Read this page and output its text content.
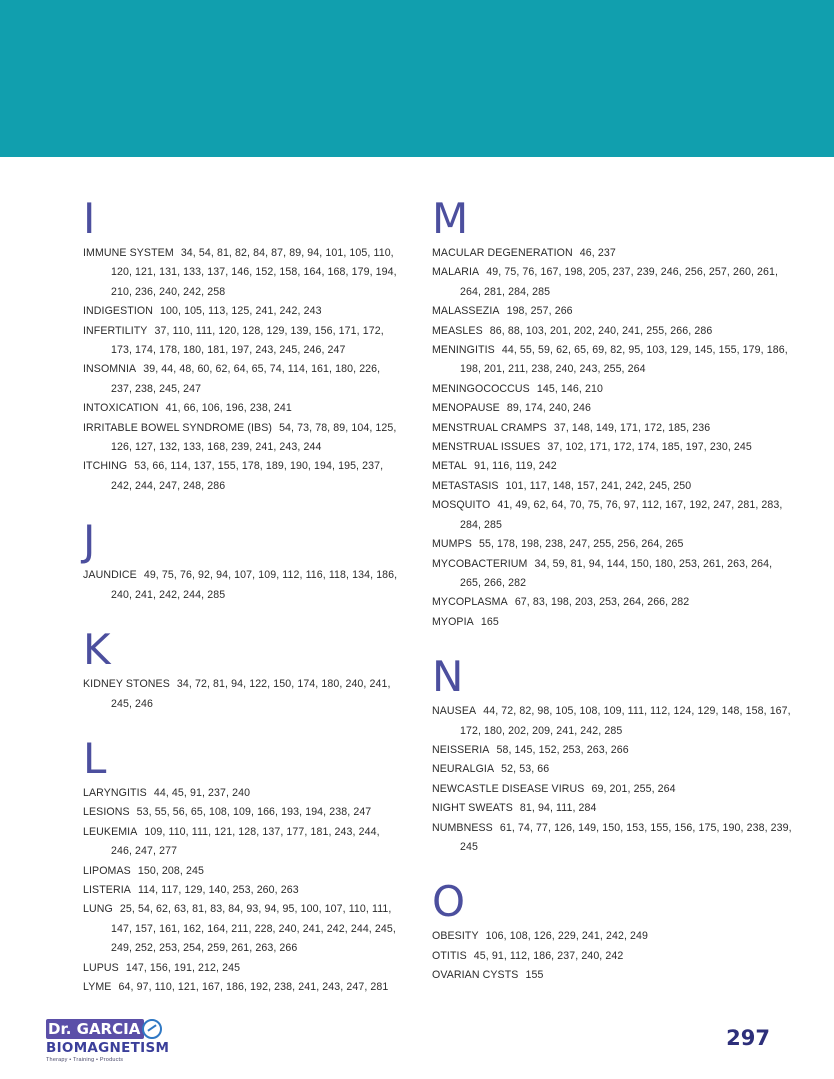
I
IMMUNE SYSTEM 34, 54, 81, 82, 84, 87, 89, 94, 101, 105, 110, 120, 121, 131, 133, 137, 146, 152, 158, 164, 168, 179, 194, 210, 236, 240, 242, 258
INDIGESTION 100, 105, 113, 125, 241, 242, 243
INFERTILITY 37, 110, 111, 120, 128, 129, 139, 156, 171, 172, 173, 174, 178, 180, 181, 197, 243, 245, 246, 247
INSOMNIA 39, 44, 48, 60, 62, 64, 65, 74, 114, 161, 180, 226, 237, 238, 245, 247
INTOXICATION 41, 66, 106, 196, 238, 241
IRRITABLE BOWEL SYNDROME (IBS) 54, 73, 78, 89, 104, 125, 126, 127, 132, 133, 168, 239, 241, 243, 244
ITCHING 53, 66, 114, 137, 155, 178, 189, 190, 194, 195, 237, 242, 244, 247, 248, 286
J
JAUNDICE 49, 75, 76, 92, 94, 107, 109, 112, 116, 118, 134, 186, 240, 241, 242, 244, 285
K
KIDNEY STONES 34, 72, 81, 94, 122, 150, 174, 180, 240, 241, 245, 246
L
LARYNGITIS 44, 45, 91, 237, 240
LESIONS 53, 55, 56, 65, 108, 109, 166, 193, 194, 238, 247
LEUKEMIA 109, 110, 111, 121, 128, 137, 177, 181, 243, 244, 246, 247, 277
LIPOMAS 150, 208, 245
LISTERIA 114, 117, 129, 140, 253, 260, 263
LUNG 25, 54, 62, 63, 81, 83, 84, 93, 94, 95, 100, 107, 110, 111, 147, 157, 161, 162, 164, 211, 228, 240, 241, 242, 244, 245, 249, 252, 253, 254, 259, 261, 263, 266
LUPUS 147, 156, 191, 212, 245
LYME 64, 97, 110, 121, 167, 186, 192, 238, 241, 243, 247, 281
M
MACULAR DEGENERATION 46, 237
MALARIA 49, 75, 76, 167, 198, 205, 237, 239, 246, 256, 257, 260, 261, 264, 281, 284, 285
MALASSEZIA 198, 257, 266
MEASLES 86, 88, 103, 201, 202, 240, 241, 255, 266, 286
MENINGITIS 44, 55, 59, 62, 65, 69, 82, 95, 103, 129, 145, 155, 179, 186, 198, 201, 211, 238, 240, 243, 255, 264
MENINGOCOCCUS 145, 146, 210
MENOPAUSE 89, 174, 240, 246
MENSTRUAL CRAMPS 37, 148, 149, 171, 172, 185, 236
MENSTRUAL ISSUES 37, 102, 171, 172, 174, 185, 197, 230, 245
METAL 91, 116, 119, 242
METASTASIS 101, 117, 148, 157, 241, 242, 245, 250
MOSQUITO 41, 49, 62, 64, 70, 75, 76, 97, 112, 167, 192, 247, 281, 283, 284, 285
MUMPS 55, 178, 198, 238, 247, 255, 256, 264, 265
MYCOBACTERIUM 34, 59, 81, 94, 144, 150, 180, 253, 261, 263, 264, 265, 266, 282
MYCOPLASMA 67, 83, 198, 203, 253, 264, 266, 282
MYOPIA 165
N
NAUSEA 44, 72, 82, 98, 105, 108, 109, 111, 112, 124, 129, 148, 158, 167, 172, 180, 202, 209, 241, 242, 285
NEISSERIA 58, 145, 152, 253, 263, 266
NEURALGIA 52, 53, 66
NEWCASTLE DISEASE VIRUS 69, 201, 255, 264
NIGHT SWEATS 81, 94, 111, 284
NUMBNESS 61, 74, 77, 126, 149, 150, 153, 155, 156, 175, 190, 238, 239, 245
O
OBESITY 106, 108, 126, 229, 241, 242, 249
OTITIS 45, 91, 112, 186, 237, 240, 242
OVARIAN CYSTS 155
Dr. GARCIA
BIOMAGNETISM
Therapy • Training • Products
297
